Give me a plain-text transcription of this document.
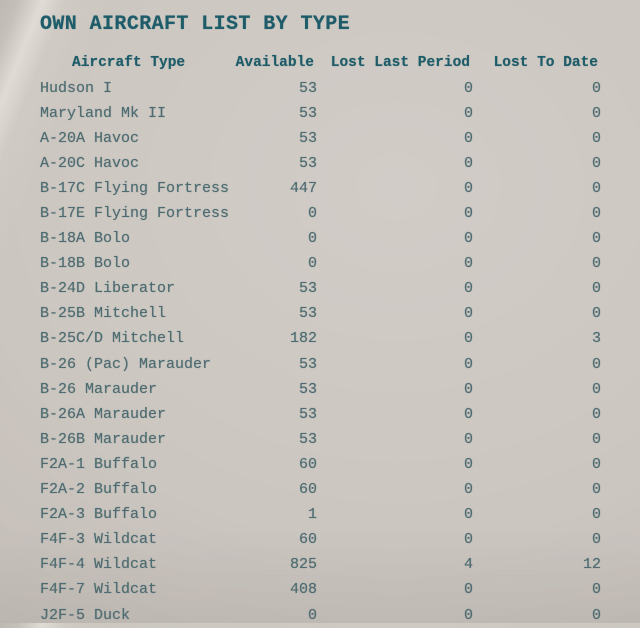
OWN AIRCRAFT LIST BY TYPE
Aircraft Type	Available	Lost Last Period	Lost To Date
Hudson I	53	0	0
Maryland Mk II	53	0	0
A-20A Havoc	53	0	0
A-20C Havoc	53	0	0
B-17C Flying Fortress	447	0	0
B-17E Flying Fortress	0	0	0
B-18A Bolo	0	0	0
B-18B Bolo	0	0	0
B-24D Liberator	53	0	0
B-25B Mitchell	53	0	0
B-25C/D Mitchell	182	0	3
B-26 (Pac) Marauder	53	0	0
B-26 Marauder	53	0	0
B-26A Marauder	53	0	0
B-26B Marauder	53	0	0
F2A-1 Buffalo	60	0	0
F2A-2 Buffalo	60	0	0
F2A-3 Buffalo	1	0	0
F4F-3 Wildcat	60	0	0
F4F-4 Wildcat	825	4	12
F4F-7 Wildcat	408	0	0
J2F-5 Duck	0	0	0
